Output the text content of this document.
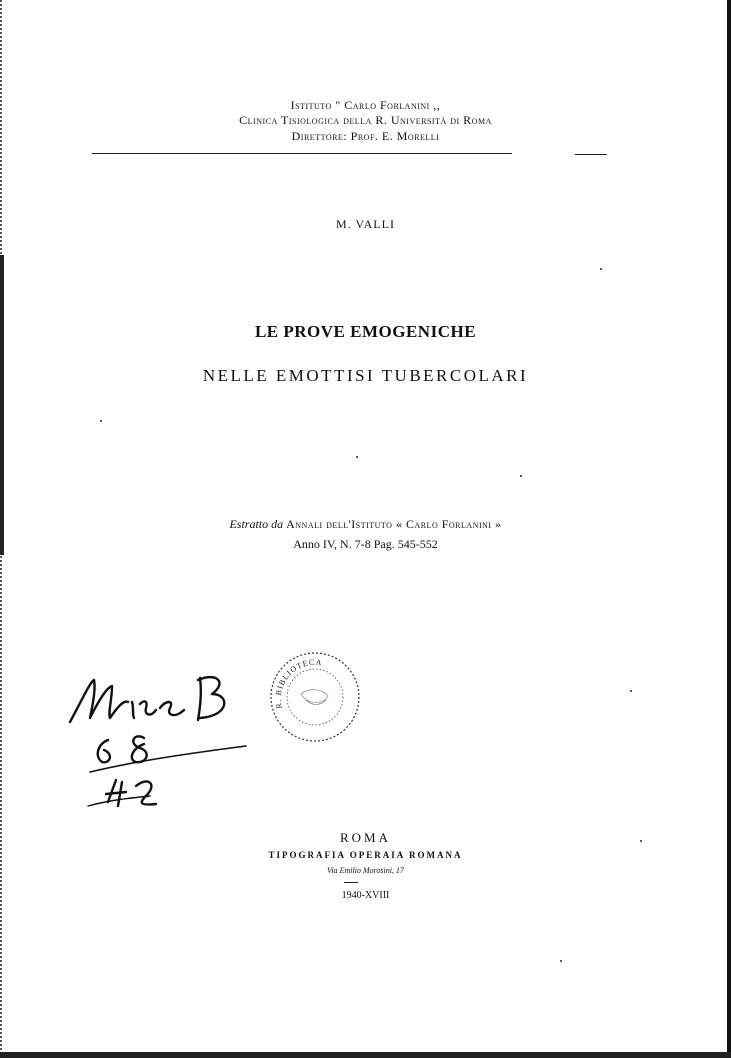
Istituto " Carlo Forlanini ,,
Clinica Tisiologica della R. Università di Roma
Direttore: Prof. E. Morelli
M. VALLI
LE PROVE EMOGENICHE
NELLE EMOTTISI TUBERCOLARI
Estratto da Annali dell'Istituto « Carlo Forlanini »
Anno IV, N. 7-8 Pag. 545-552
R. BIBLIOTECA
ROMA
TIPOGRAFIA OPERAIA ROMANA
Via Emilio Morosini, 17
1940-XVIII
